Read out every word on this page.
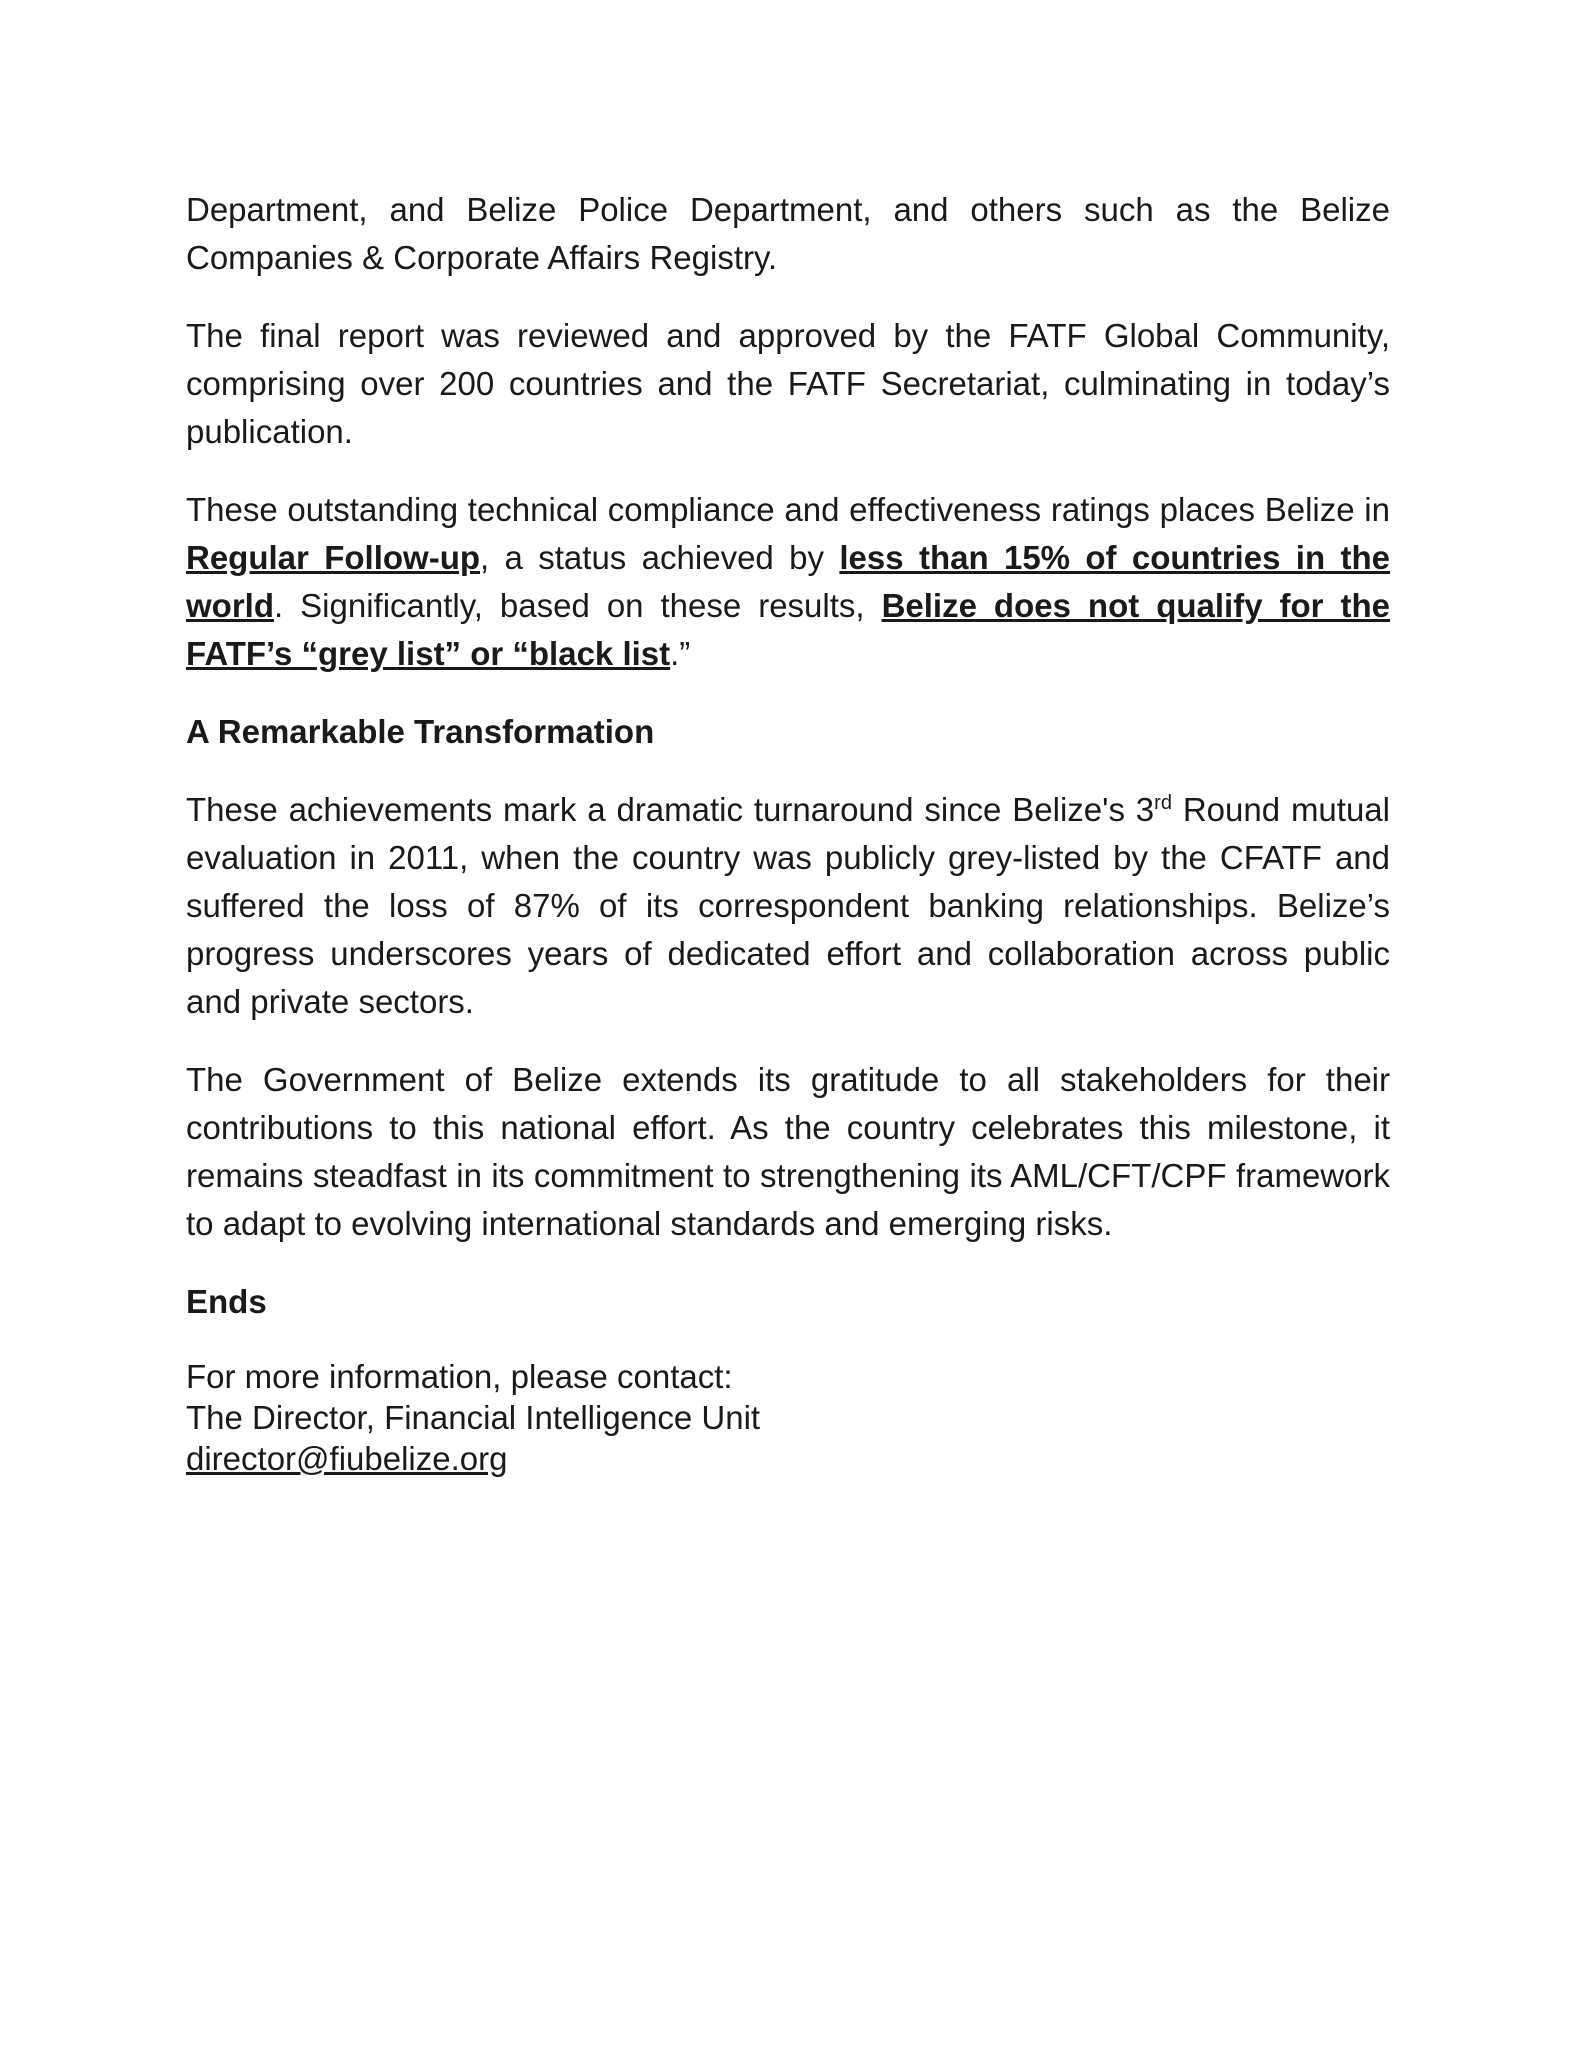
Department, and Belize Police Department, and others such as the Belize Companies & Corporate Affairs Registry.

The final report was reviewed and approved by the FATF Global Community, comprising over 200 countries and the FATF Secretariat, culminating in today’s publication.

These outstanding technical compliance and effectiveness ratings places Belize in Regular Follow-up, a status achieved by less than 15% of countries in the world. Significantly, based on these results, Belize does not qualify for the FATF’s “grey list” or “black list.”

A Remarkable Transformation

These achievements mark a dramatic turnaround since Belize's 3rd Round mutual evaluation in 2011, when the country was publicly grey-listed by the CFATF and suffered the loss of 87% of its correspondent banking relationships. Belize’s progress underscores years of dedicated effort and collaboration across public and private sectors.

The Government of Belize extends its gratitude to all stakeholders for their contributions to this national effort. As the country celebrates this milestone, it remains steadfast in its commitment to strengthening its AML/CFT/CPF framework to adapt to evolving international standards and emerging risks.

Ends
For more information, please contact:
The Director, Financial Intelligence Unit
director@fiubelize.org
